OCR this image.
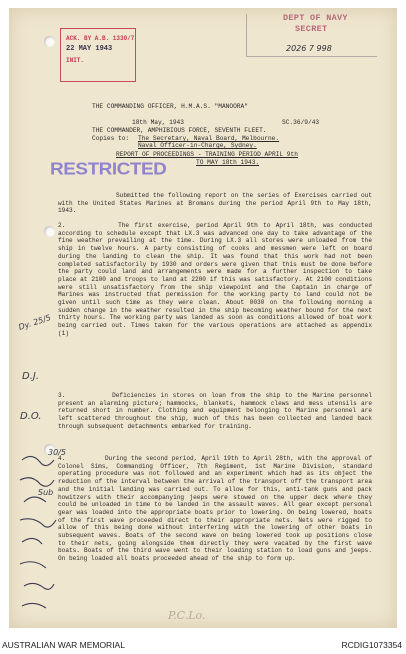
ACK. BY A.B. 1330/7
22 MAY 1943
INIT.
DEPT OF NAVY
SECRET
2026 7 998
THE COMMANDING OFFICER, H.M.A.S. "MANOORA"
18th May, 1943	SC.36/9/43
THE COMMANDER, AMPHIBIOUS FORCE, SEVENTH FLEET.
Copies to: The Secretary, Naval Board, Melbourne.
Naval Officer-in-Charge, Sydney.
REPORT OF PROCEEDINGS - TRAINING PERIOD APRIL 9th
TO MAY 18th 1943.
RESTRICTED
Submitted the following report on the series of Exercises carried out with the United States Marines at Bromans during the period April 9th to May 18th, 1943.
2.	The first exercise, period April 9th to April 18th, was conducted according to schedule except that LX.3 was advanced one day to take advantage of the fine weather prevailing at the time. During LX.3 all stores were unloaded from the ship in twelve hours. A party consisting of cooks and messmen were left on board during the landing to clean the ship. It was found that this work had not been completed satisfactorily by 1930 and orders were given that this must be done before the party could land and arrangements were made for a further inspection to take place at 2100 and troops to land at 2200 if this was satisfactory. At 2100 conditions were still unsatisfactory from the ship viewpoint and the Captain in charge of Marines was instructed that permission for the working party to land could not be given until such time as they were clean. About 0030 on the following morning a sudden change in the weather resulted in the ship becoming weather bound for the next thirty hours. The working party was landed as soon as conditions allowed of boat work being carried out. Times taken for the various operations are attached as appendix (1)
3.	Deficiencies in stores on loan from the ship to the Marine personnel present an alarming picture; hammocks, blankets, hammock clews and mess utensils are returned short in number. Clothing and equipment belonging to Marine personnel are left scattered throughout the ship, much of this has been collected and landed back through subsequent detachments embarked for training.
4.	During the second period, April 19th to April 28th, with the approval of Colonel Sims, Commanding Officer, 7th Regiment, 1st Marine Division, standard operating procedure was not followed and an experiment which had as its object the reduction of the interval between the arrival of the transport off the transport area and the initial landing was carried out. To allow for this, anti-tank guns and pack howitzers with their accompanying jeeps were stowed on the upper deck where they could be unloaded in time to be landed in the assault waves. All gear except personal gear was loaded into the appropriate boats prior to lowering. On being lowered, boats of the first wave proceeded direct to their appropriate nets. Nets were rigged to allow of this being done without interfering with the lowering of other boats in subsequent waves. Boats of the second wave on being lowered took up positions close to their nets, going alongside them directly they were vacated by the first wave boats. Boats of the third wave went to their loading station to load guns and jeeps. On being loaded all boats proceeded ahead of the ship to form up.
Dy. 25/5
D.J.
D.O.
30/5
Sub
P.C.Lo.
AUSTRALIAN WAR MEMORIAL	RCDIG1073354
